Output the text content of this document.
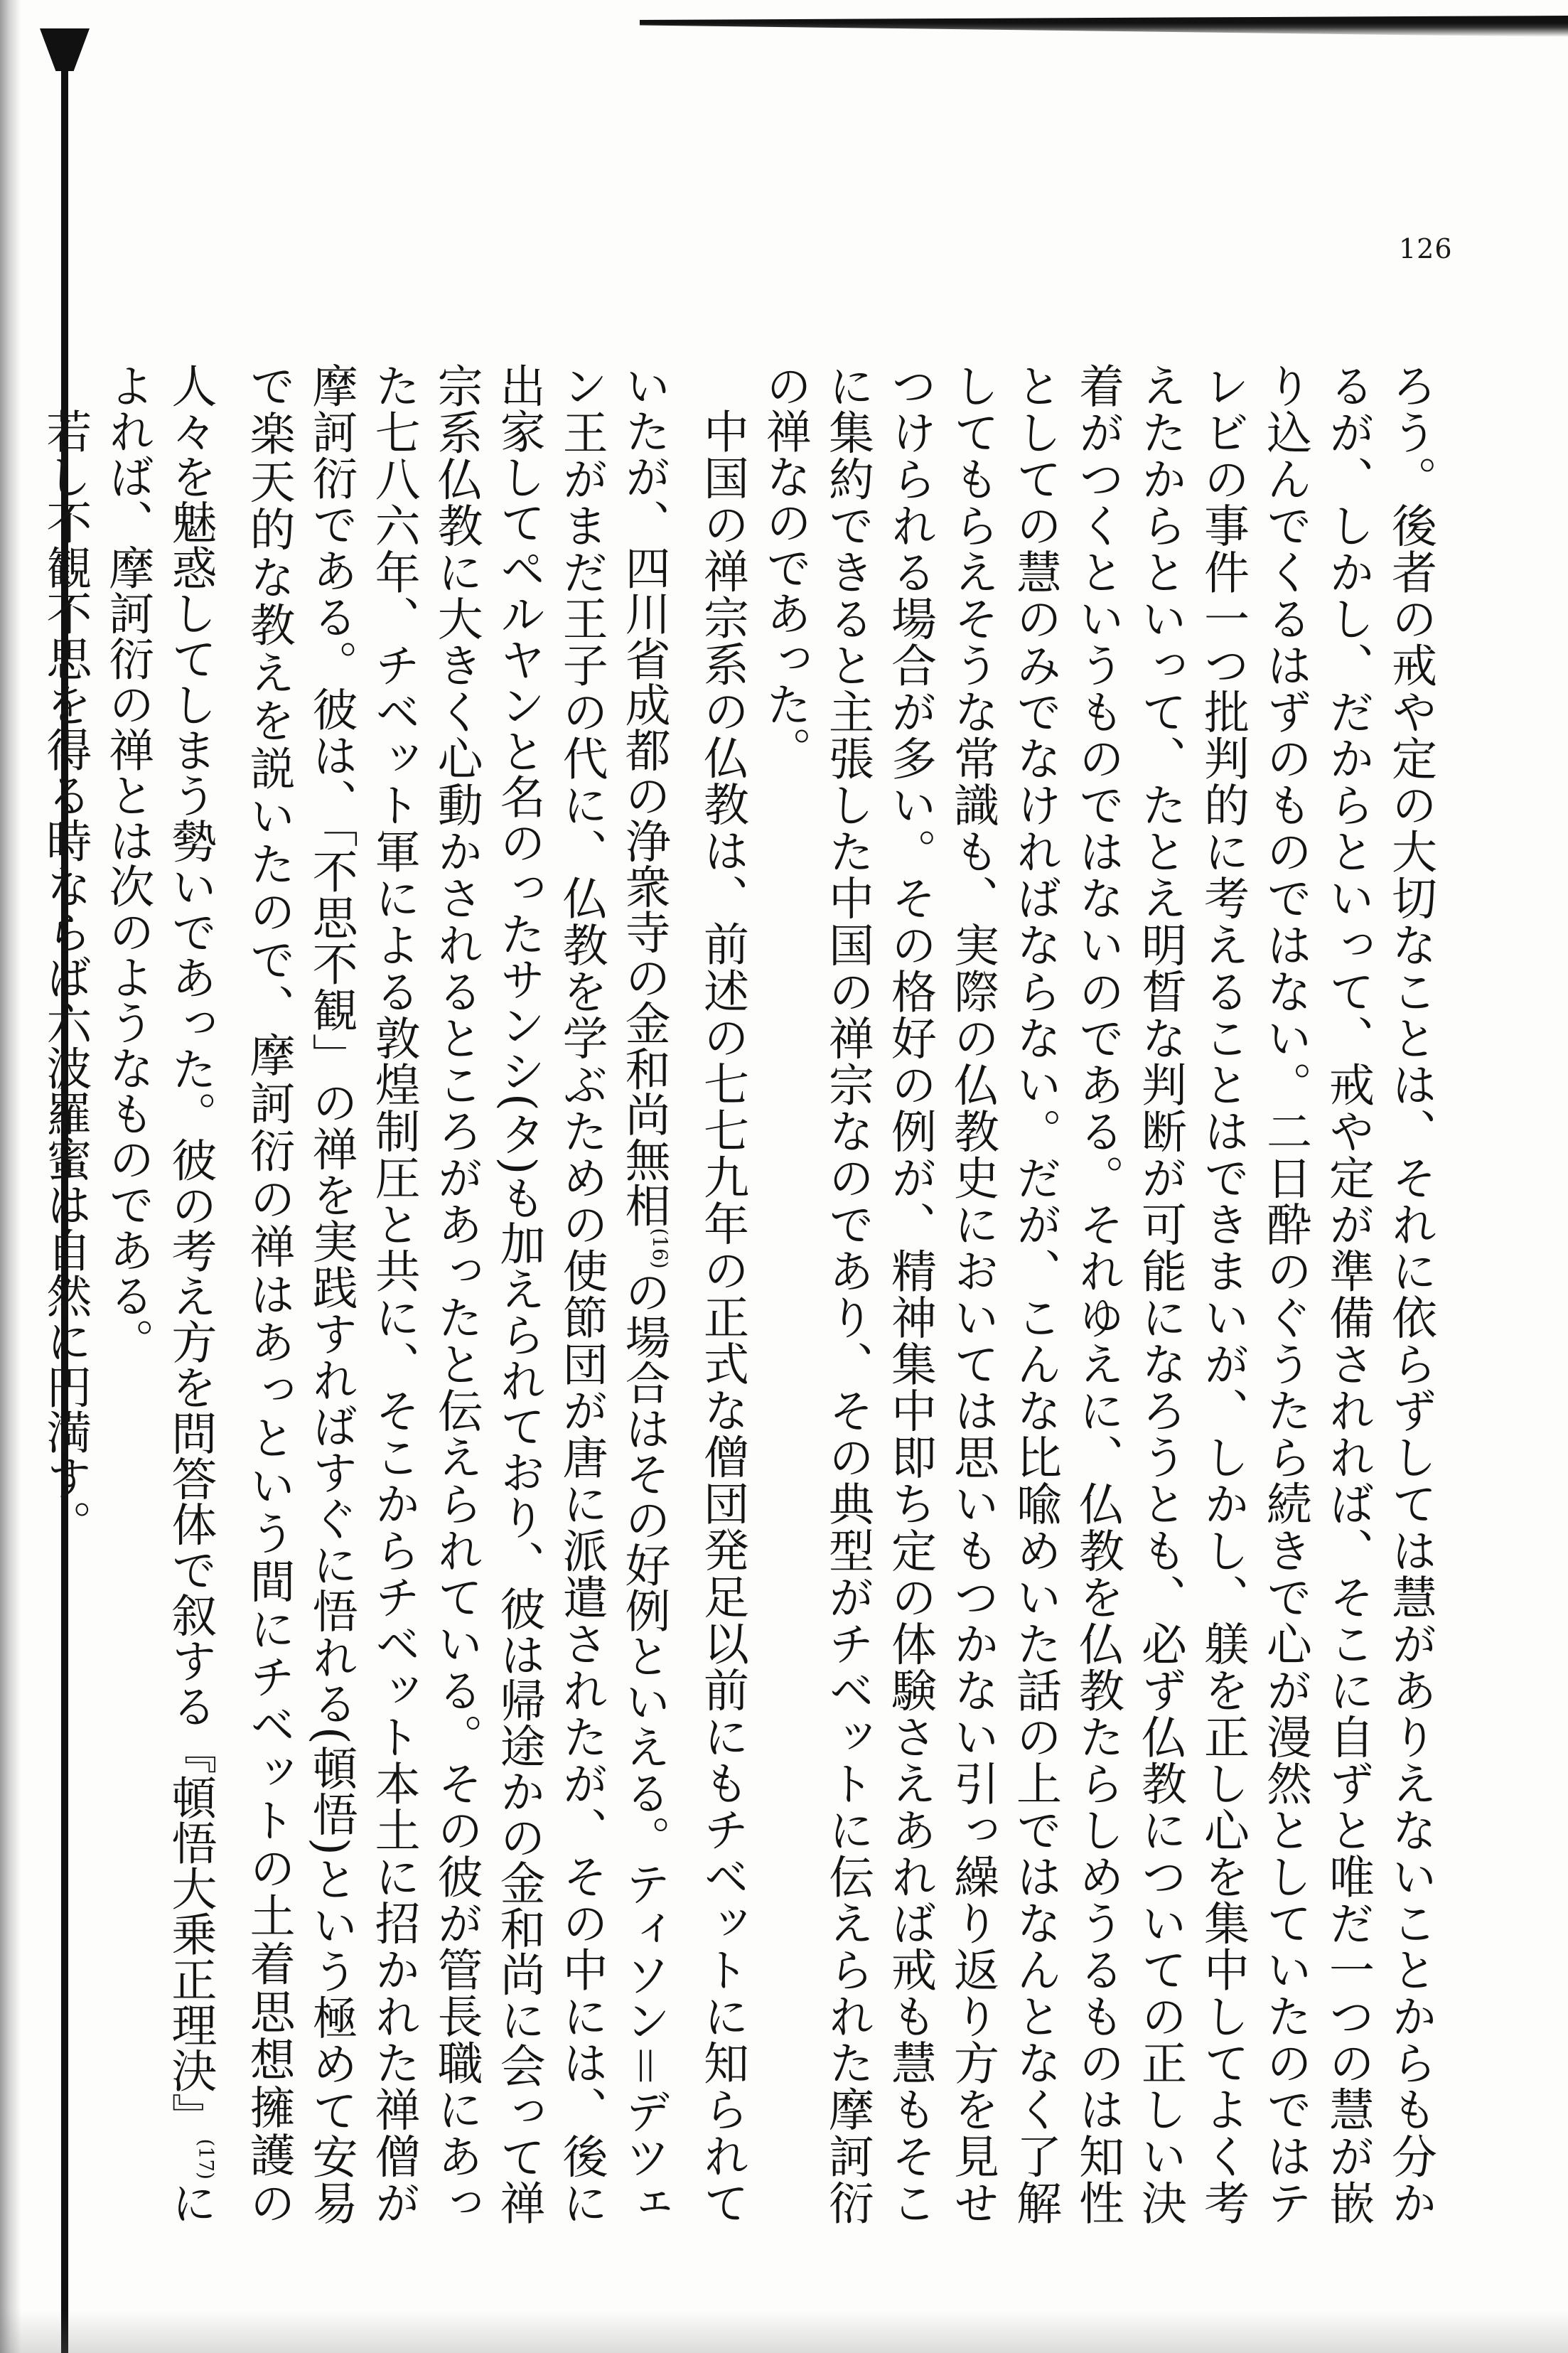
126

ろう。後者の戒や定の大切なことは、それに依らずしては慧がありえないことからも分かるが、しかし、だからといって、戒や定が準備されれば、そこに自ずと唯だ一つの慧が嵌り込んでくるはずのものではない。二日酔のぐうたら続きで心が漫然としていたのではテレビの事件一つ批判的に考えることはできまいが、しかし、躾を正し心を集中してよく考えたからといって、たとえ明晳な判断が可能になろうとも、必ず仏教についての正しい決着がつくというものではないのである。それゆえに、仏教を仏教たらしめうるものは知性としての慧のみでなければならない。だが、こんな比喩めいた話の上ではなんとなく了解してもらえそうな常識も、実際の仏教史においては思いもつかない引っ繰り返り方を見せつけられる場合が多い。その格好の例が、精神集中即ち定の体験さえあれば戒も慧もそこに集約できると主張した中国の禅宗なのであり、その典型がチベットに伝えられた摩訶衍の禅なのであった。

中国の禅宗系の仏教は、前述の七七九年の正式な僧団発足以前にもチベットに知られていたが、四川省成都の浄衆寺の金和尚無相$^{(16)}$の場合はその好例といえる。ティソン＝デツェン王がまだ王子の代に、仏教を学ぶための使節団が唐に派遣されたが、その中には、後に出家してペルヤンと名のったサンシ(タ)も加えられており、彼は帰途かの金和尚に会って禅宗系仏教に大きく心動かされるところがあったと伝えられている。その彼が管長職にあった七八六年、チベット軍による敦煌制圧と共に、そこからチベット本土に招かれた禅僧が摩訶衍である。彼は、「不思不観」の禅を実践すればすぐに悟れる(頓悟)という極めて安易で楽天的な教えを説いたので、摩訶衍の禅はあっという間にチベットの土着思想擁護の人々を魅惑してしまう勢いであった。彼の考え方を問答体で叙する『頓悟大乗正理決』$^{(17)}$によれば、摩訶衍の禅とは次のようなものである。

若し不観不思を得る時ならば六波羅蜜は自然に円満す。
